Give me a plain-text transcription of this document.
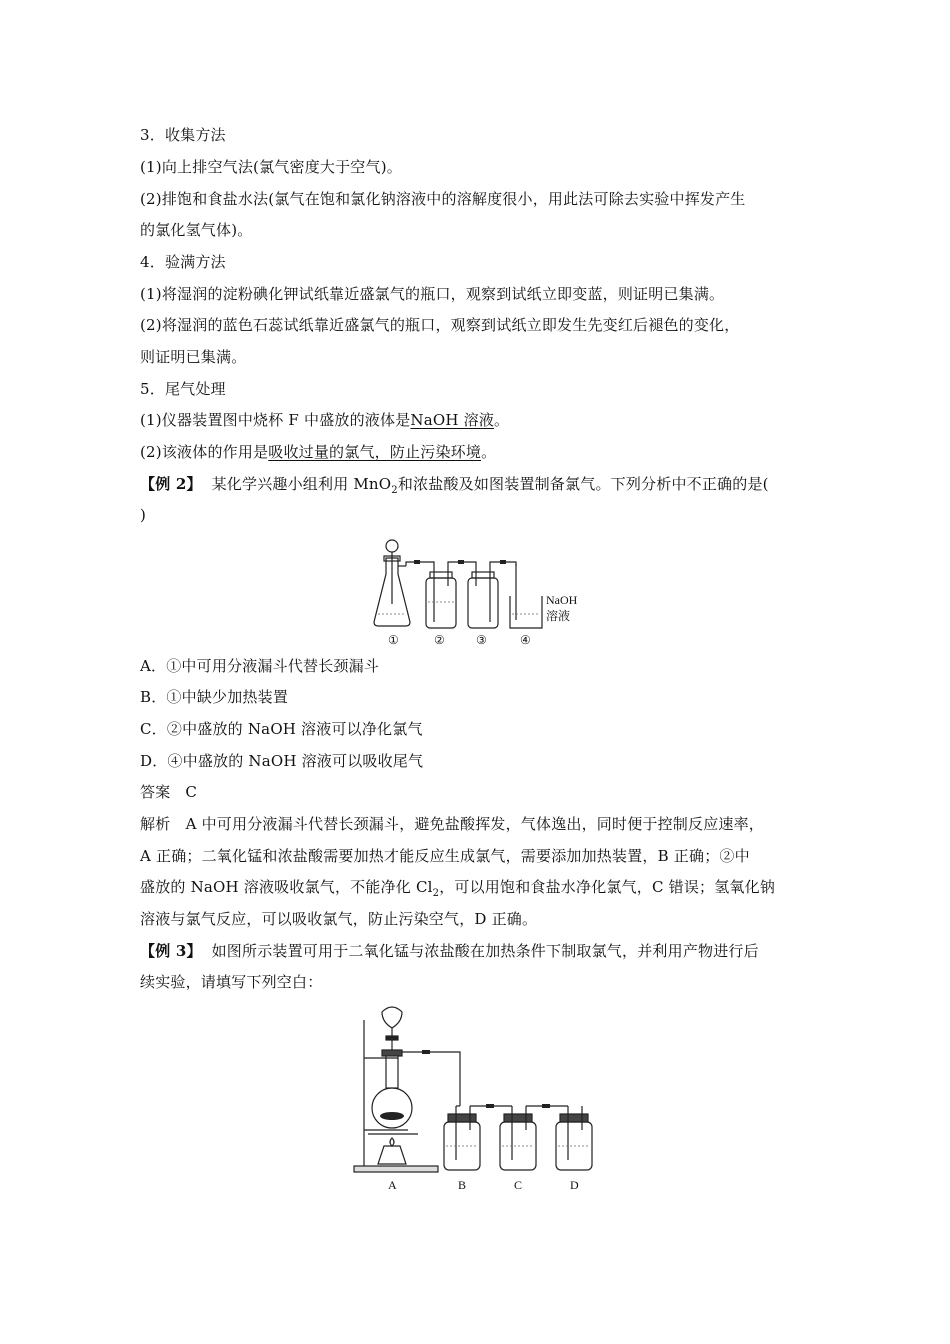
3．收集方法
(1)向上排空气法(氯气密度大于空气)。
(2)排饱和食盐水法(氯气在饱和氯化钠溶液中的溶解度很小，用此法可除去实验中挥发产生
的氯化氢气体)。
4．验满方法
(1)将湿润的淀粉碘化钾试纸靠近盛氯气的瓶口，观察到试纸立即变蓝，则证明已集满。
(2)将湿润的蓝色石蕊试纸靠近盛氯气的瓶口，观察到试纸立即发生先变红后褪色的变化，
则证明已集满。
5．尾气处理
(1)仪器装置图中烧杯 F 中盛放的液体是NaOH 溶液。
(2)该液体的作用是吸收过量的氯气，防止污染环境。
【例 2】 某化学兴趣小组利用 MnO$_2$和浓盐酸及如图装置制备氯气。下列分析中不正确的是(
)
NaOH
溶液
①	②	③	④
A．①中可用分液漏斗代替长颈漏斗
B．①中缺少加热装置
C．②中盛放的 NaOH 溶液可以净化氯气
D．④中盛放的 NaOH 溶液可以吸收尾气
答案 C
解析　A 中可用分液漏斗代替长颈漏斗，避免盐酸挥发，气体逸出，同时便于控制反应速率，
A 正确；二氧化锰和浓盐酸需要加热才能反应生成氯气，需要添加加热装置，B 正确；②中
盛放的 NaOH 溶液吸收氯气，不能净化 $Cl_2$，可以用饱和食盐水净化氯气，C 错误；氢氧化钠
溶液与氯气反应，可以吸收氯气，防止污染空气，D 正确。
【例 3】 如图所示装置可用于二氧化锰与浓盐酸在加热条件下制取氯气，并利用产物进行后
续实验，请填写下列空白：
A	B	C	D
